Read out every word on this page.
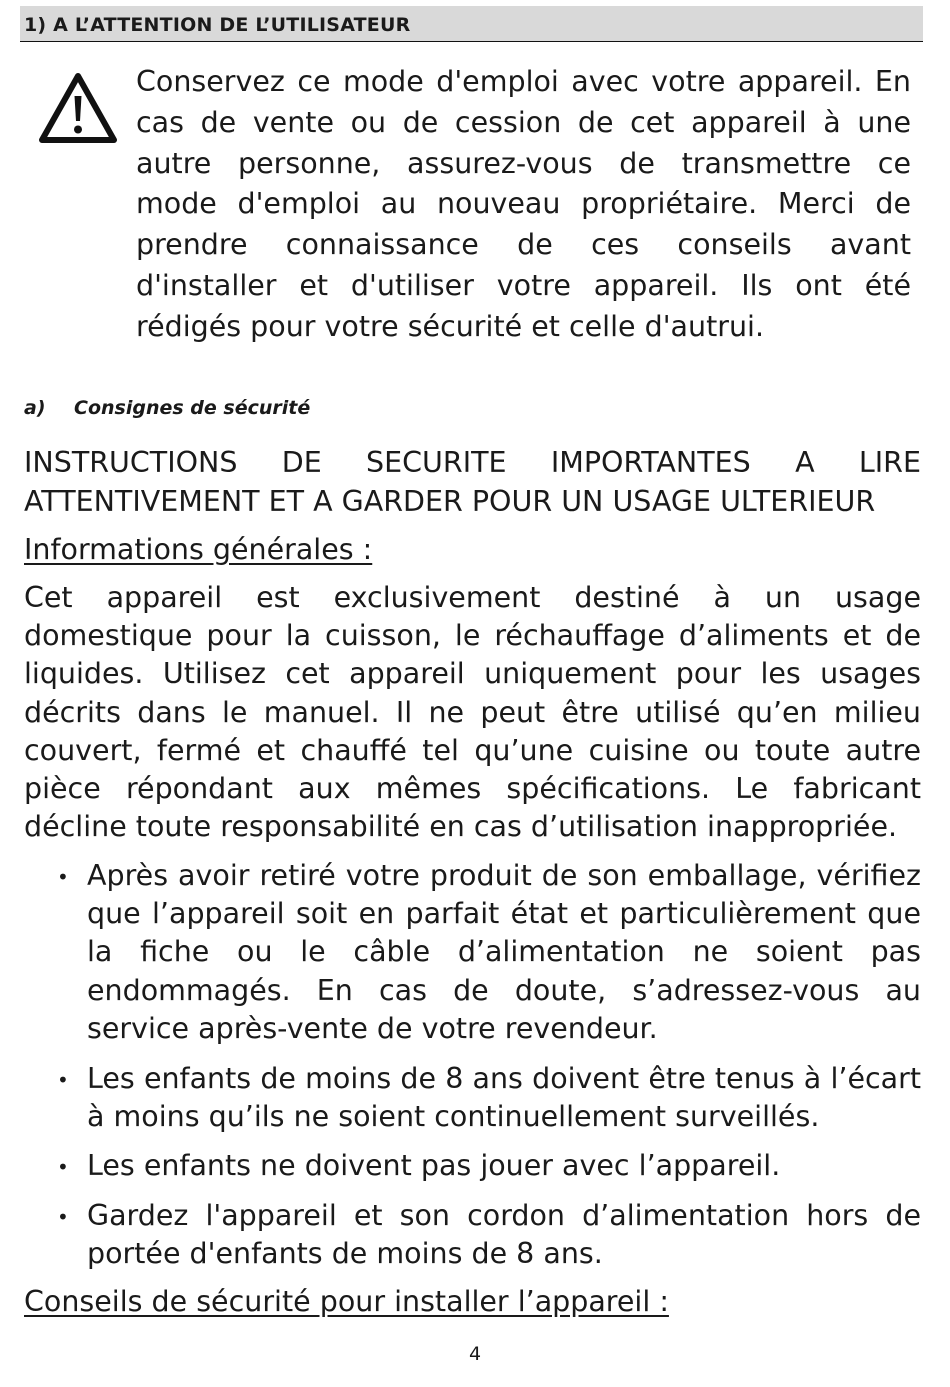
1) A L’ATTENTION DE L’UTILISATEUR

Conservez ce mode d'emploi avec votre appareil. En cas de vente ou de cession de cet appareil à une autre personne, assurez-vous de transmettre ce mode d'emploi au nouveau propriétaire. Merci de prendre connaissance de ces conseils avant d'installer et d'utiliser votre appareil. Ils ont été rédigés pour votre sécurité et celle d'autrui.

a) Consignes de sécurité

INSTRUCTIONS DE SECURITE IMPORTANTES A LIRE ATTENTIVEMENT ET A GARDER POUR UN USAGE ULTERIEUR

Informations générales :

Cet appareil est exclusivement destiné à un usage domestique pour la cuisson, le réchauffage d’aliments et de liquides. Utilisez cet appareil uniquement pour les usages décrits dans le manuel. Il ne peut être utilisé qu’en milieu couvert, fermé et chauffé tel qu’une cuisine ou toute autre pièce répondant aux mêmes spécifications. Le fabricant décline toute responsabilité en cas d’utilisation inappropriée.

• Après avoir retiré votre produit de son emballage, vérifiez que l’appareil soit en parfait état et particulièrement que la fiche ou le câble d’alimentation ne soient pas endommagés. En cas de doute, s’adressez-vous au service après-vente de votre revendeur.
• Les enfants de moins de 8 ans doivent être tenus à l’écart à moins qu’ils ne soient continuellement surveillés.
• Les enfants ne doivent pas jouer avec l’appareil.
• Gardez l'appareil et son cordon d’alimentation hors de portée d'enfants de moins de 8 ans.

Conseils de sécurité pour installer l’appareil :

4
